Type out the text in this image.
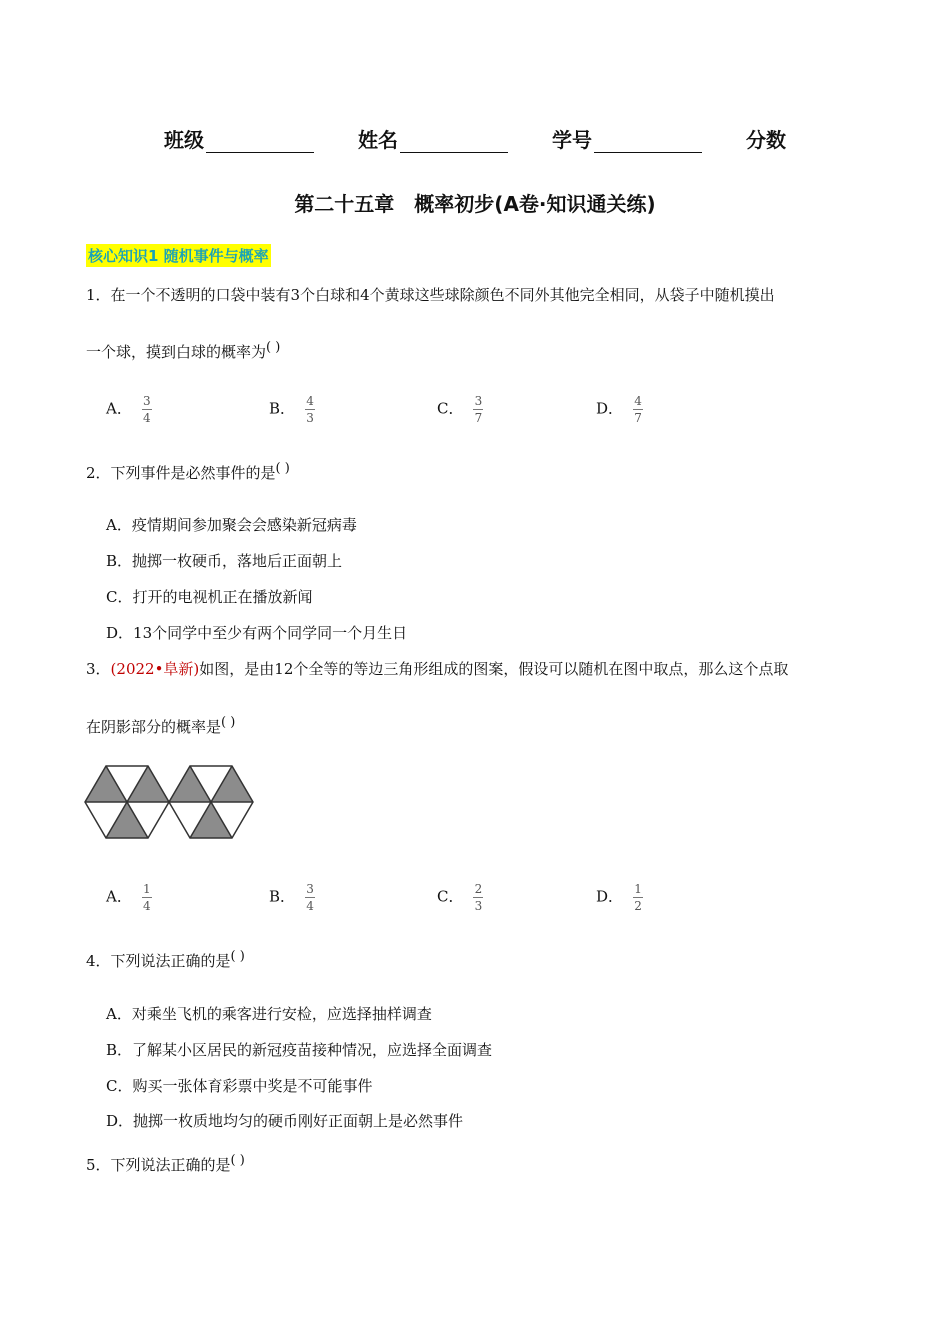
班级	姓名	学号	分数
第二十五章　概率初步(A卷·知识通关练)
核心知识1 随机事件与概率
1．在一个不透明的口袋中装有3个白球和4个黄球这些球除颜色不同外其他完全相同，从袋子中随机摸出
一个球，摸到白球的概率为( )
A． $\frac{3}{4}$	B． $\frac{4}{3}$	C． $\frac{3}{7}$	D． $\frac{4}{7}$
2．下列事件是必然事件的是( )
A．疫情期间参加聚会会感染新冠病毒
B．抛掷一枚硬币，落地后正面朝上
C．打开的电视机正在播放新闻
D．13个同学中至少有两个同学同一个月生日
3．(2022•阜新)如图，是由12个全等的等边三角形组成的图案，假设可以随机在图中取点，那么这个点取
在阴影部分的概率是( )
A． $\frac{1}{4}$	B． $\frac{3}{4}$	C． $\frac{2}{3}$	D． $\frac{1}{2}$
4．下列说法正确的是( )
A．对乘坐飞机的乘客进行安检，应选择抽样调查
B．了解某小区居民的新冠疫苗接种情况，应选择全面调查
C．购买一张体育彩票中奖是不可能事件
D．抛掷一枚质地均匀的硬币刚好正面朝上是必然事件
5．下列说法正确的是( )
